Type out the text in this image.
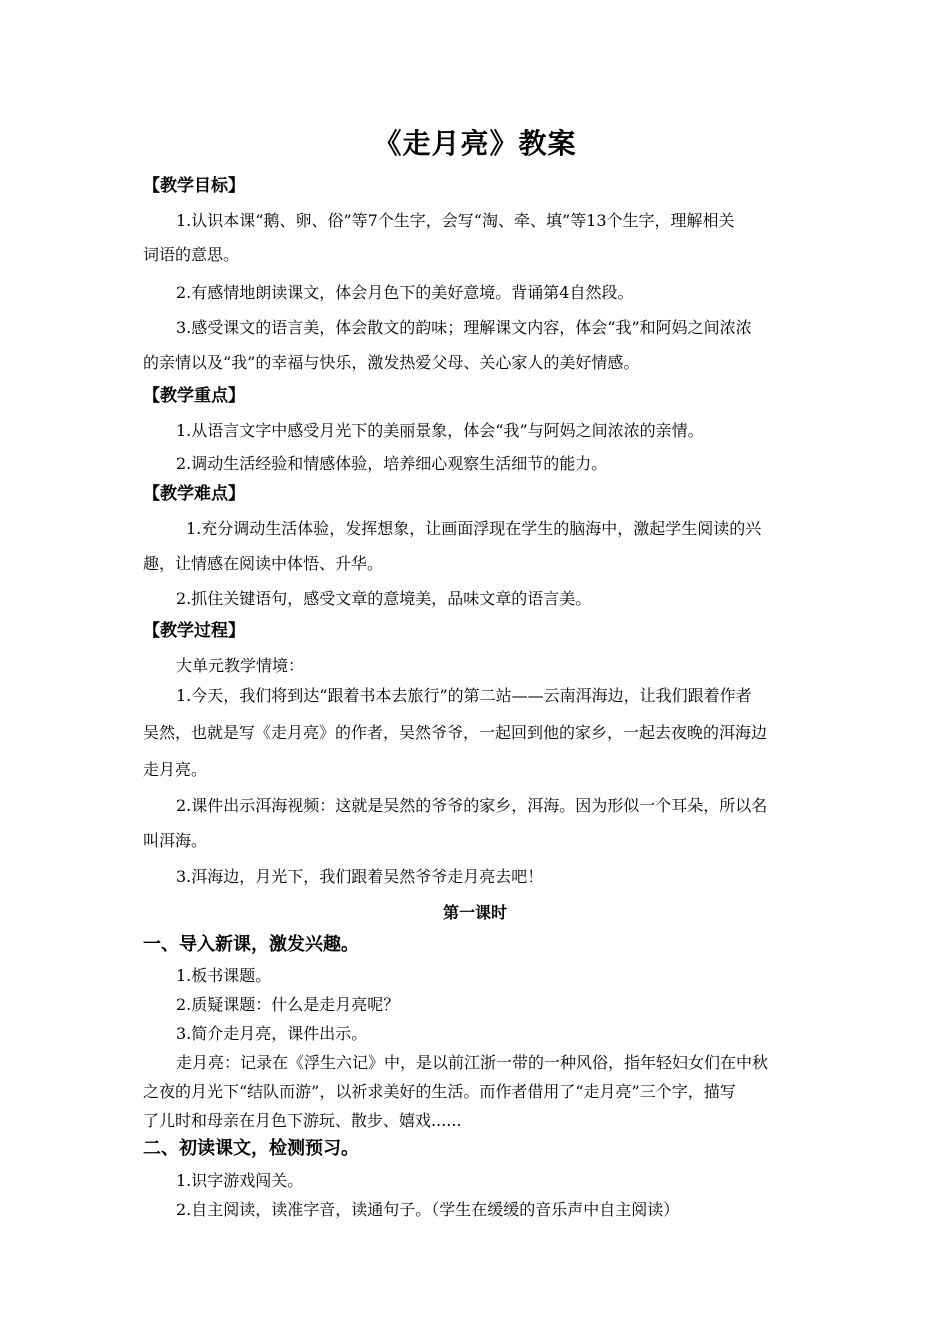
《走月亮》教案
【教学目标】
1.认识本课“鹅、卵、俗”等7个生字，会写“淘、牵、填”等13个生字，理解相关
词语的意思。
2.有感情地朗读课文，体会月色下的美好意境。背诵第4自然段。
3.感受课文的语言美，体会散文的韵味；理解课文内容，体会“我”和阿妈之间浓浓
的亲情以及“我”的幸福与快乐，激发热爱父母、关心家人的美好情感。
【教学重点】
1.从语言文字中感受月光下的美丽景象，体会“我”与阿妈之间浓浓的亲情。
2.调动生活经验和情感体验，培养细心观察生活细节的能力。
【教学难点】
1.充分调动生活体验，发挥想象，让画面浮现在学生的脑海中，激起学生阅读的兴
趣，让情感在阅读中体悟、升华。
2.抓住关键语句，感受文章的意境美，品味文章的语言美。
【教学过程】
大单元教学情境：
1.今天，我们将到达“跟着书本去旅行”的第二站——云南洱海边，让我们跟着作者
吴然，也就是写《走月亮》的作者，吴然爷爷，一起回到他的家乡，一起去夜晚的洱海边
走月亮。
2.课件出示洱海视频：这就是吴然的爷爷的家乡，洱海。因为形似一个耳朵，所以名
叫洱海。
3.洱海边，月光下，我们跟着吴然爷爷走月亮去吧！
第一课时
一、导入新课，激发兴趣。
1.板书课题。
2.质疑课题：什么是走月亮呢？
3.简介走月亮，课件出示。
走月亮：记录在《浮生六记》中，是以前江浙一带的一种风俗，指年轻妇女们在中秋
之夜的月光下“结队而游”，以祈求美好的生活。而作者借用了“走月亮”三个字，描写
了儿时和母亲在月色下游玩、散步、嬉戏......
二、初读课文，检测预习。
1.识字游戏闯关。
2.自主阅读，读准字音，读通句子。（学生在缓缓的音乐声中自主阅读）
